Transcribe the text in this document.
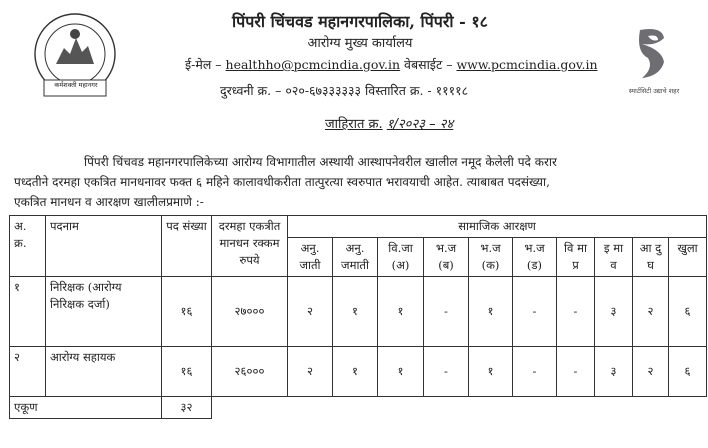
कर्मशक्ती महानगर
स्मार्टसिटी उद्याचे शहर
पिंपरी चिंचवड महानगरपालिका, पिंपरी - १८
आरोग्य मुख्य कार्यालय
ई-मेल – healthho@pcmcindia.gov.in वेबसाईट – www.pcmcindia.gov.in
दुरध्वनी क्र. – ०२०-६७३३३३३३ विस्तारित क्र. - ११११८
जाहिरात क्र. १/२०२३ – २४
पिंपरी चिंचवड महानगरपालिकेच्या आरोग्य विभागातील अस्थायी आस्थापनेवरील खालील नमूद केलेली पदे करार
पध्दतीने दरमहा एकत्रित मानधनावर फक्त ६ महिने कालावधीकरीता तात्पुरत्या स्वरुपात भरावयाची आहेत. त्याबाबत पदसंख्या,
एकत्रित मानधन व आरक्षण खालीलप्रमाणे :-
अ. क्र.	पदनाम	पद संख्या	दरमहा एकत्रीत मानधन रक्कम रुपये	सामाजिक आरक्षण									
				अनु. जाती	अनु. जमाती	वि.जा (अ)	भ.ज (ब)	भ.ज (क)	भ.ज (ड)	वि मा प्र	इ मा व	आ दु घ	खुला
१	निरिक्षक (आरोग्य निरिक्षक दर्जा)	१६	२७०००	२	१	१	-	१	-	-	३	२	६
२	आरोग्य सहायक	१६	२६०००	२	१	१	-	१	-	-	३	२	६
एकूण		३२											
